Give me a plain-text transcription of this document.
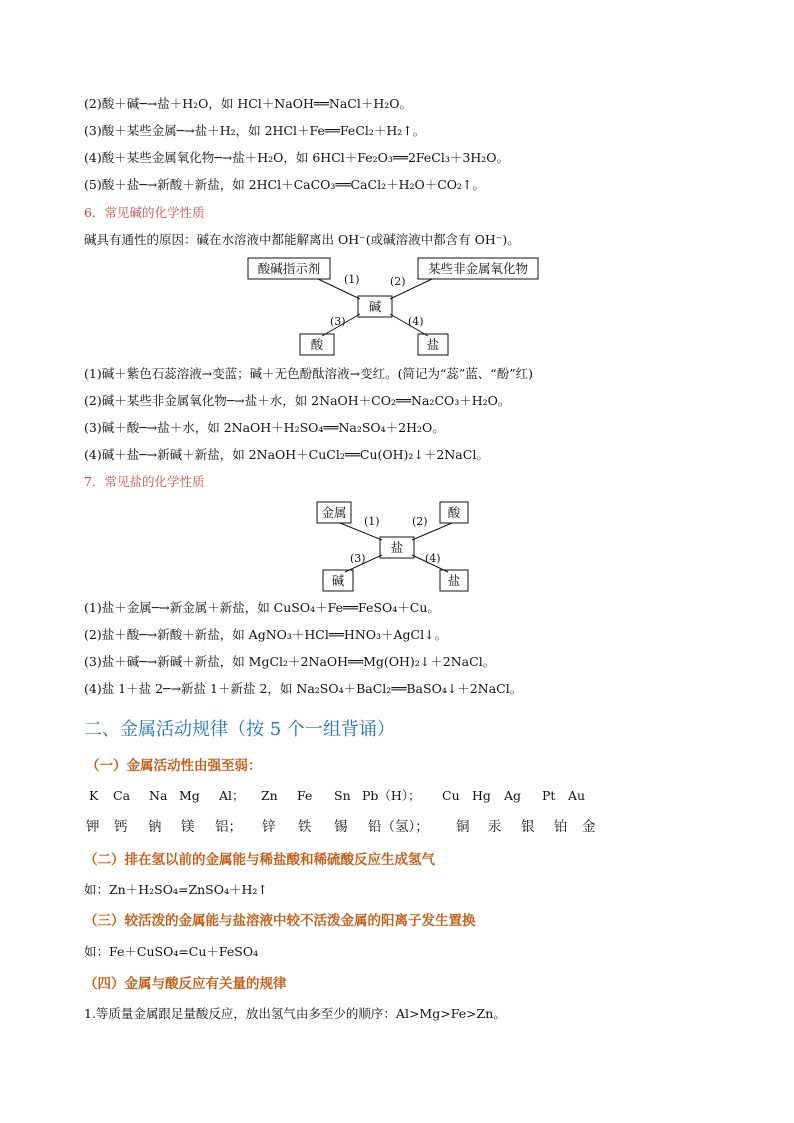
(2)酸＋碱─→盐＋H₂O，如 HCl＋NaOH══NaCl＋H₂O。
(3)酸＋某些金属─→盐＋H₂，如 2HCl＋Fe══FeCl₂＋H₂↑。
(4)酸＋某些金属氧化物─→盐＋H₂O，如 6HCl＋Fe₂O₃══2FeCl₃＋3H₂O。
(5)酸＋盐─→新酸＋新盐，如 2HCl＋CaCO₃══CaCl₂＋H₂O＋CO₂↑。
6．常见碱的化学性质
碱具有通性的原因：碱在水溶液中都能解离出 OH⁻(或碱溶液中都含有 OH⁻)。
酸碱指示剂	某些非金属氧化物
碱
酸	盐
(1)	(2)
(3)	(4)
金属	酸
盐
碱	盐
(1)	(2)
(3)	(4)
(1)碱＋紫色石蕊溶液→变蓝；碱＋无色酚酞溶液→变红。(简记为“蕊”蓝、“酚”红)
(2)碱＋某些非金属氧化物─→盐＋水，如 2NaOH＋CO₂══Na₂CO₃＋H₂O。
(3)碱＋酸─→盐＋水，如 2NaOH＋H₂SO₄══Na₂SO₄＋2H₂O。
(4)碱＋盐─→新碱＋新盐，如 2NaOH＋CuCl₂══Cu(OH)₂↓＋2NaCl。
7．常见盐的化学性质
(1)盐＋金属─→新金属＋新盐，如 CuSO₄＋Fe══FeSO₄＋Cu。
(2)盐＋酸─→新酸＋新盐，如 AgNO₃＋HCl══HNO₃＋AgCl↓。
(3)盐＋碱─→新碱＋新盐，如 MgCl₂＋2NaOH══Mg(OH)₂↓＋2NaCl。
(4)盐 1＋盐 2─→新盐 1＋新盐 2，如 Na₂SO₄＋BaCl₂══BaSO₄↓＋2NaCl。
二、金属活动规律（按 5 个一组背诵）
（一）金属活动性由强至弱：
K Ca Na Mg Al； Zn Fe Sn Pb（H）； Cu Hg Ag Pt Au
钾 钙 钠 镁 铝； 锌 铁 锡 铅（氢）； 铜 汞 银 铂 金
（二）排在氢以前的金属能与稀盐酸和稀硫酸反应生成氢气
如：Zn＋H₂SO₄=ZnSO₄＋H₂↑
（三）较活泼的金属能与盐溶液中较不活泼金属的阳离子发生置换
如：Fe＋CuSO₄=Cu＋FeSO₄
（四）金属与酸反应有关量的规律
1.等质量金属跟足量酸反应，放出氢气由多至少的顺序：Al>Mg>Fe>Zn。
